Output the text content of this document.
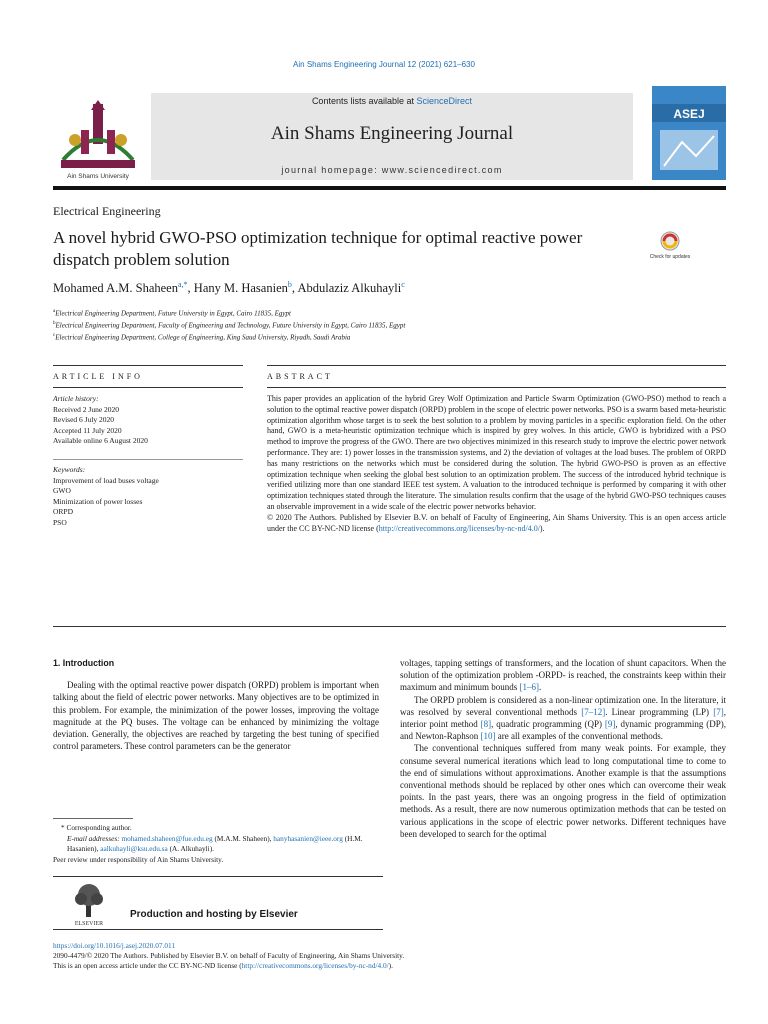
Ain Shams Engineering Journal 12 (2021) 621–630
Ain Shams University
Contents lists available at ScienceDirect
Ain Shams Engineering Journal
journal homepage: www.sciencedirect.com
ASEJ
Electrical Engineering
A novel hybrid GWO-PSO optimization technique for optimal reactive power dispatch problem solution	Check for updates
Mohamed A.M. Shaheen$^{a,*}$, Hany M. Hasanien$^b$, Abdulaziz Alkuhayli$^c$
$^a$Electrical Engineering Department, Future University in Egypt, Cairo 11835, Egypt
$^b$Electrical Engineering Department, Faculty of Engineering and Technology, Future University in Egypt, Cairo 11835, Egypt
$^c$Electrical Engineering Department, College of Engineering, King Saud University, Riyadh, Saudi Arabia
ARTICLE INFO	ABSTRACT
Article history:
Received 2 June 2020
Revised 6 July 2020
Accepted 11 July 2020
Available online 6 August 2020
Keywords:
Improvement of load buses voltage
GWO
Minimization of power losses
ORPD
PSO

This paper provides an application of the hybrid Grey Wolf Optimization and Particle Swarm Optimization (GWO-PSO) method to reach a solution to the optimal reactive power dispatch (ORPD) problem in the scope of electric power networks. PSO is a swarm based meta-heuristic optimization algorithm whose target is to seek the best solution to a problem by moving particles in a specific exploration field. On the other hand, GWO is a meta-heuristic optimization technique which is inspired by grey wolves. In this article, GWO is hybridized with a PSO method to improve the progress of the GWO. There are two objectives minimized in this research study to improve the electric power network performance. They are: 1) power losses in the transmission systems, and 2) the deviation of voltages at the load buses. The problem of ORPD has many restrictions on the networks which must be considered during the solution. The hybrid GWO-PSO is proven as an effective optimization technique when seeking the global best solution to an optimization problem. The success of the introduced hybrid technique is verified utilizing more than one standard IEEE test system. A valuation to the introduced technique is performed by comparing it with other optimization techniques stated through the literature. The simulation results confirm that the usage of the hybrid GWO-PSO techniques causes an observable improvement in a wide scale of the electric power networks behavior.

© 2020 The Authors. Published by Elsevier B.V. on behalf of Faculty of Engineering, Ain Shams University. This is an open access article under the CC BY-NC-ND license (http://creativecommons.org/licenses/by-nc-nd/4.0/).

1. Introduction

Dealing with the optimal reactive power dispatch (ORPD) problem is important when talking about the field of electric power networks. Many objectives are to be optimized in this problem. For example, the minimization of the power losses, improving the voltage magnitude at the PQ buses. The voltage can be enhanced by minimizing the voltage deviation. Generally, the objectives are reached by targeting the best tuning of specified control parameters. These control parameters can be the generator

voltages, tapping settings of transformers, and the location of shunt capacitors. When the solution of the optimization problem -ORPD- is reached, the constraints keep within their maximum and minimum bounds [1–6].

The ORPD problem is considered as a non-linear optimization one. In the literature, it was resolved by several conventional methods [7–12]. Linear programming (LP) [7], interior point method [8], quadratic programming (QP) [9], dynamic programming (DP), and Newton-Raphson [10] are all examples of the conventional methods.

The conventional techniques suffered from many weak points. For example, they consume several numerical iterations which lead to long computational time to come to the end of simulations without approximations. Another example is that the assumptions conventional methods should be replaced by other ones which can overcome their weak points. In the past years, there was an ongoing progress in the field of optimization methods. As a result, there are now numerous optimization methods that can be tested on various applications in the scope of electric power networks. Different techniques have been developed to search for the optimal

* Corresponding author.
E-mail addresses: mohamed.shaheen@fue.edu.eg (M.A.M. Shaheen), hanyhasanien@ieee.org (H.M. Hasanien), aalkuhayli@ksu.edu.sa (A. Alkuhayli).
Peer review under responsibility of Ain Shams University.
ELSEVIER
Production and hosting by Elsevier
https://doi.org/10.1016/j.asej.2020.07.011
2090-4479/© 2020 The Authors. Published by Elsevier B.V. on behalf of Faculty of Engineering, Ain Shams University.
This is an open access article under the CC BY-NC-ND license (http://creativecommons.org/licenses/by-nc-nd/4.0/).
